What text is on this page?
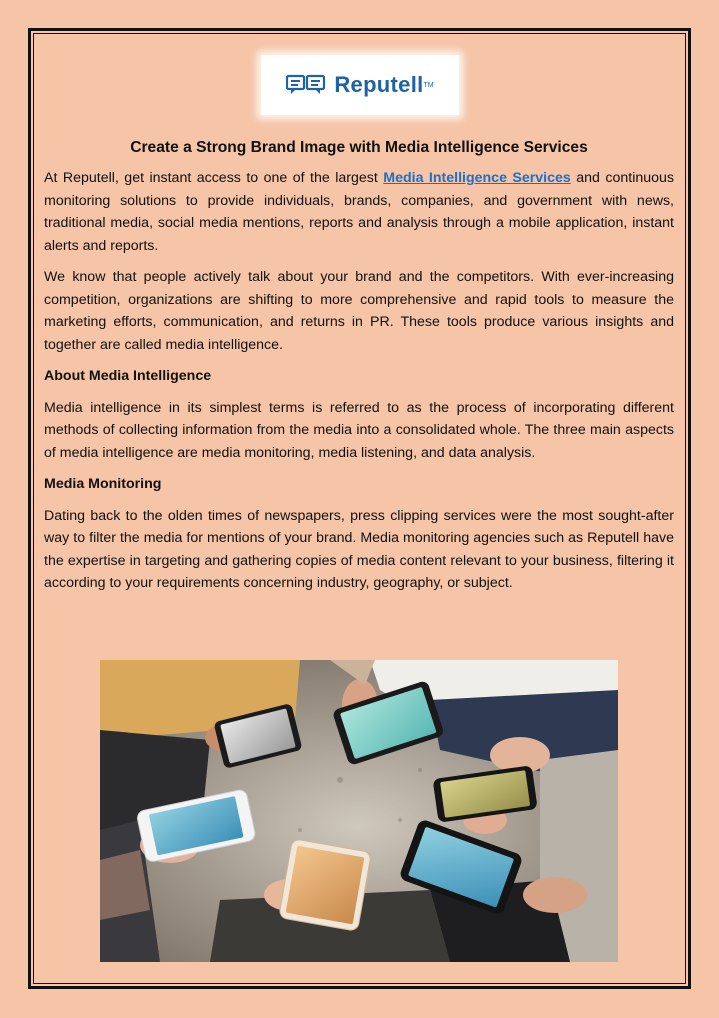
Reputell TM
Create a Strong Brand Image with Media Intelligence Services

At Reputell, get instant access to one of the largest Media Intelligence Services and continuous monitoring solutions to provide individuals, brands, companies, and government with news, traditional media, social media mentions, reports and analysis through a mobile application, instant alerts and reports.

We know that people actively talk about your brand and the competitors. With ever-increasing competition, organizations are shifting to more comprehensive and rapid tools to measure the marketing efforts, communication, and returns in PR. These tools produce various insights and together are called media intelligence.

About Media Intelligence

Media intelligence in its simplest terms is referred to as the process of incorporating different methods of collecting information from the media into a consolidated whole. The three main aspects of media intelligence are media monitoring, media listening, and data analysis.

Media Monitoring

Dating back to the olden times of newspapers, press clipping services were the most sought-after way to filter the media for mentions of your brand. Media monitoring agencies such as Reputell have the expertise in targeting and gathering copies of media content relevant to your business, filtering it according to your requirements concerning industry, geography, or subject.
